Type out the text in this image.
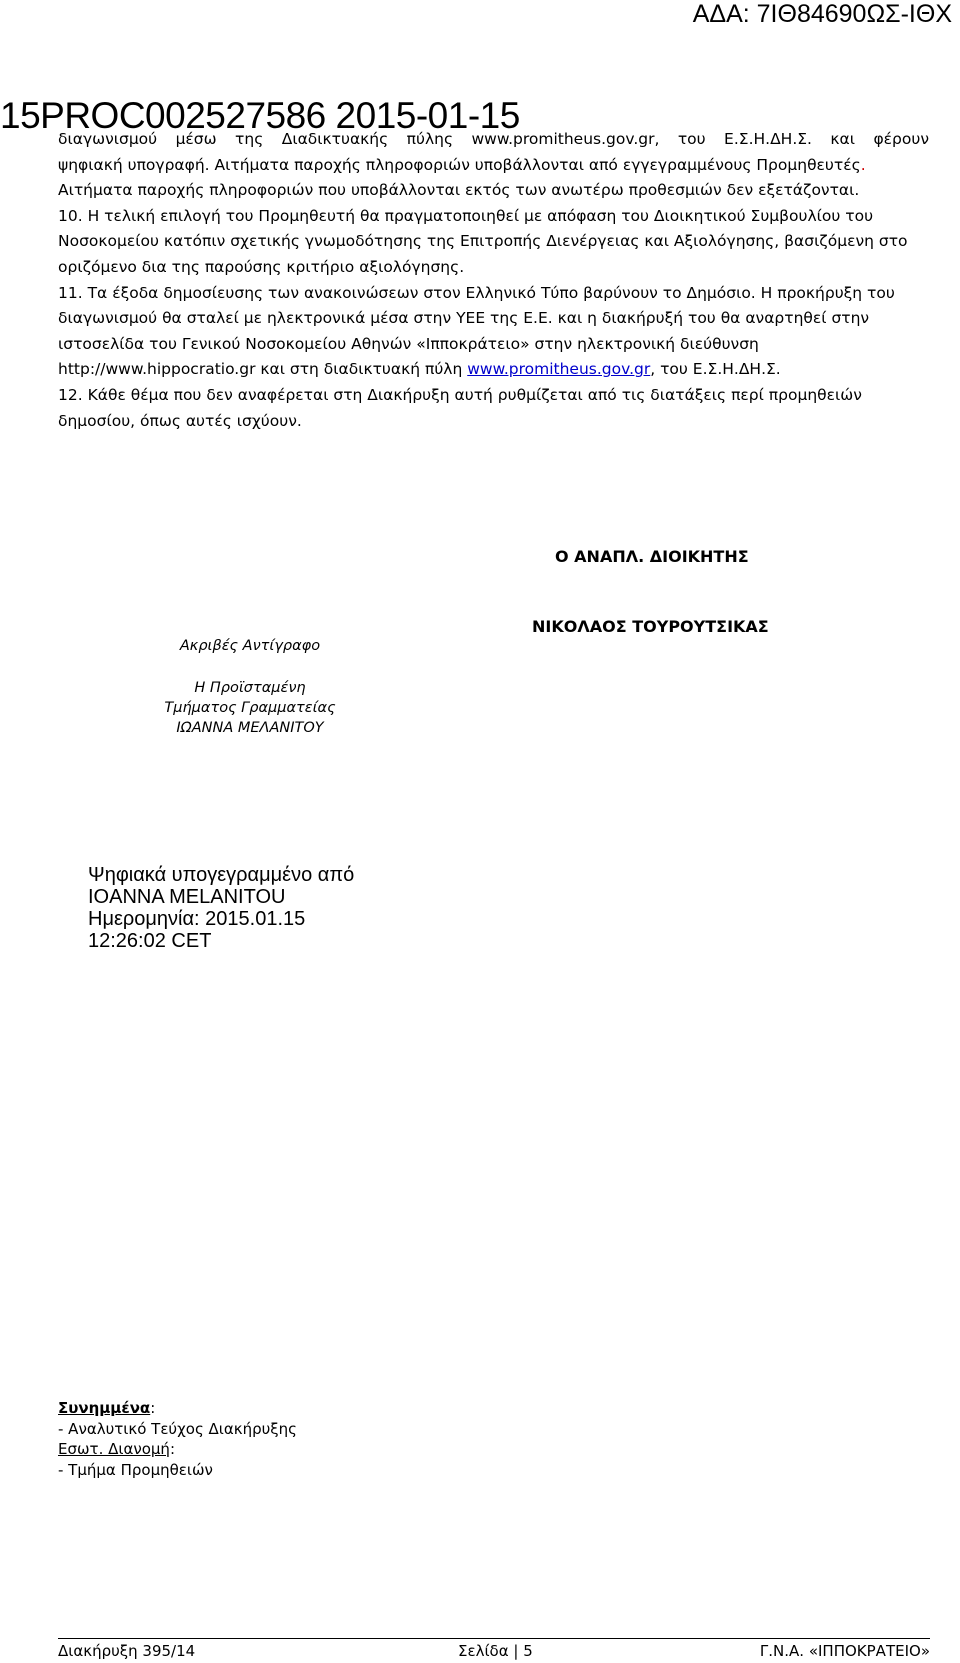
ΑΔΑ: 7ΙΘ84690ΩΣ-ΙΘΧ
15PROC002527586 2015-01-15

διαγωνισμού μέσω της Διαδικτυακής πύλης www.promitheus.gov.gr, του Ε.Σ.Η.ΔΗ.Σ. και φέρουν

ψηφιακή υπογραφή. Αιτήματα παροχής πληροφοριών υποβάλλονται από εγγεγραμμένους Προμηθευτές.

Αιτήματα παροχής πληροφοριών που υποβάλλονται εκτός των ανωτέρω προθεσμιών δεν εξετάζονται.

10. Η τελική επιλογή του Προμηθευτή θα πραγματοποιηθεί με απόφαση του Διοικητικού Συμβουλίου του Νοσοκομείου κατόπιν σχετικής γνωμοδότησης της Επιτροπής Διενέργειας και Αξιολόγησης, βασιζόμενη στο οριζόμενο δια της παρούσης κριτήριο αξιολόγησης.

11. Τα έξοδα δημοσίευσης των ανακοινώσεων στον Ελληνικό Τύπο βαρύνουν το Δημόσιο. Η προκήρυξη του διαγωνισμού θα σταλεί με ηλεκτρονικά μέσα στην ΥΕΕ της Ε.Ε. και η διακήρυξή του θα αναρτηθεί στην ιστοσελίδα του Γενικού Νοσοκομείου Αθηνών «Ιπποκράτειο» στην ηλεκτρονική διεύθυνση http://www.hippocratio.gr και στη διαδικτυακή πύλη www.promitheus.gov.gr, του Ε.Σ.Η.ΔΗ.Σ.

12. Κάθε θέμα που δεν αναφέρεται στη Διακήρυξη αυτή ρυθμίζεται από τις διατάξεις περί προμηθειών δημοσίου, όπως αυτές ισχύουν.

Ο ΑΝΑΠΛ. ΔΙΟΙΚΗΤΗΣ
ΝΙΚΟΛΑΟΣ ΤΟΥΡΟΥΤΣΙΚΑΣ
Ακριβές Αντίγραφο
Η Προϊσταμένη
Τμήματος Γραμματείας
ΙΩΑΝΝΑ ΜΕΛΑΝΙΤΟΥ
Ψηφιακά υπογεγραμμένο από
IOANNA MELANITOU
Ημερομηνία: 2015.01.15
12:26:02 CET
Συνημμένα:
- Αναλυτικό Τεύχος Διακήρυξης
Εσωτ. Διανομή:
- Τμήμα Προμηθειών
Διακήρυξη 395/14	Σελίδα | 5	Γ.Ν.Α. «ΙΠΠΟΚΡΑΤΕΙΟ»
